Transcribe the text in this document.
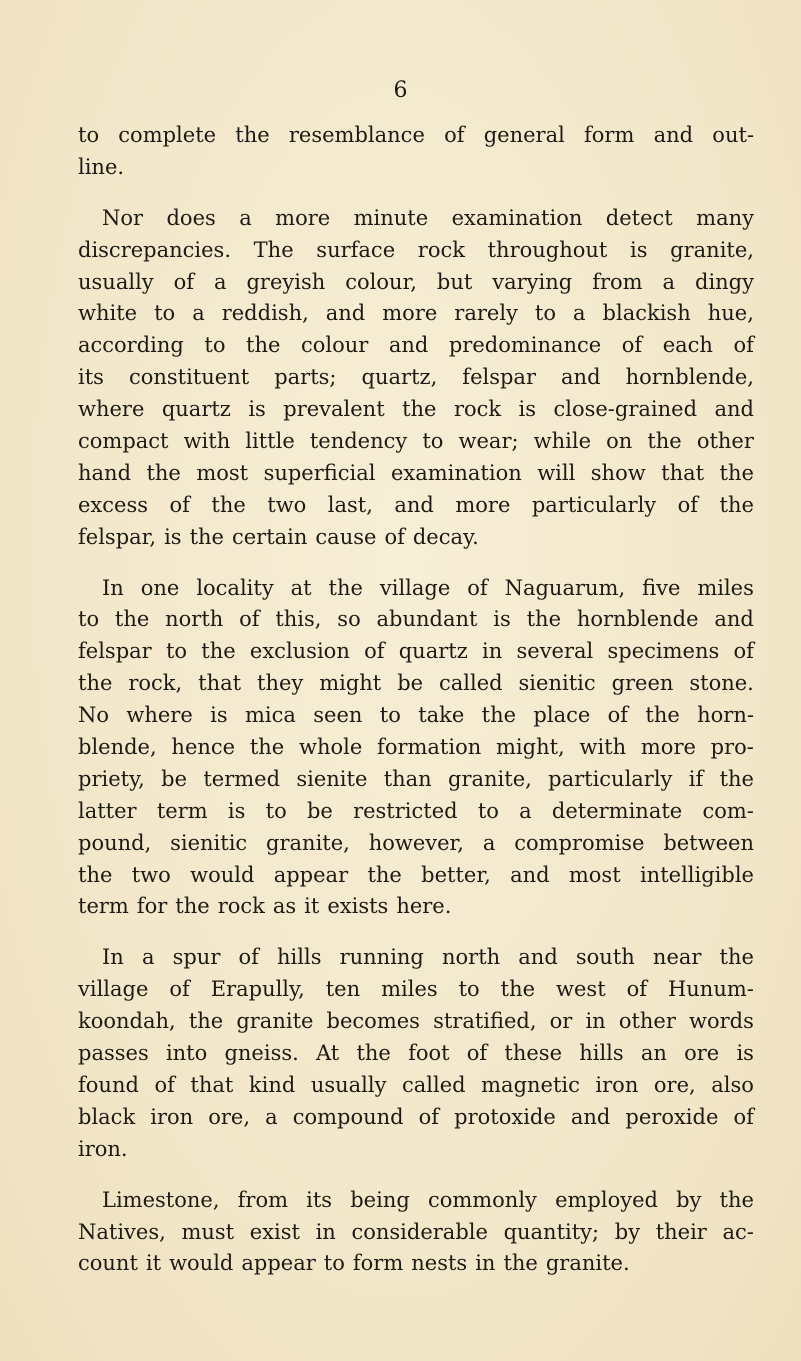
6
to complete the resemblance of general form and out-
line.
Nor does a more minute examination detect many
discrepancies. The surface rock throughout is granite,
usually of a greyish colour, but varying from a dingy
white to a reddish, and more rarely to a blackish hue,
according to the colour and predominance of each of
its constituent parts; quartz, felspar and hornblende,
where quartz is prevalent the rock is close-grained and
compact with little tendency to wear; while on the other
hand the most superficial examination will show that the
excess of the two last, and more particularly of the
felspar, is the certain cause of decay.
In one locality at the village of Naguarum, five miles
to the north of this, so abundant is the hornblende and
felspar to the exclusion of quartz in several specimens of
the rock, that they might be called sienitic green stone.
No where is mica seen to take the place of the horn-
blende, hence the whole formation might, with more pro-
priety, be termed sienite than granite, particularly if the
latter term is to be restricted to a determinate com-
pound, sienitic granite, however, a compromise between
the two would appear the better, and most intelligible
term for the rock as it exists here.
In a spur of hills running north and south near the
village of Erapully, ten miles to the west of Hunum-
koondah, the granite becomes stratified, or in other words
passes into gneiss. At the foot of these hills an ore is
found of that kind usually called magnetic iron ore, also
black iron ore, a compound of protoxide and peroxide of
iron.
Limestone, from its being commonly employed by the
Natives, must exist in considerable quantity; by their ac-
count it would appear to form nests in the granite.
